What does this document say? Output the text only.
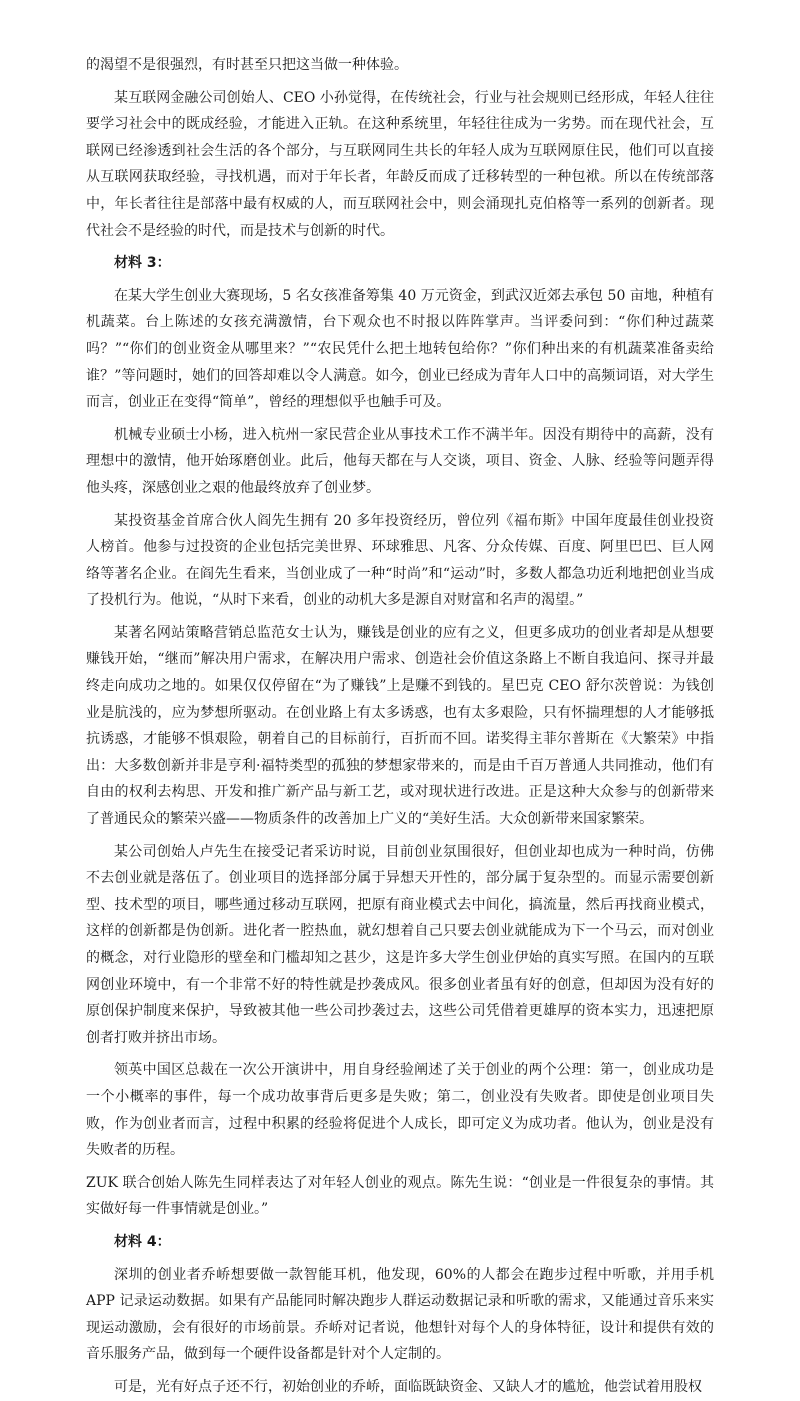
的渴望不是很强烈，有时甚至只把这当做一种体验。

某互联网金融公司创始人、CEO 小孙觉得，在传统社会，行业与社会规则已经形成，年轻人往往要学习社会中的既成经验，才能进入正轨。在这种系统里，年轻往往成为一劣势。而在现代社会，互联网已经渗透到社会生活的各个部分，与互联网同生共长的年轻人成为互联网原住民，他们可以直接从互联网获取经验，寻找机遇，而对于年长者，年龄反而成了迁移转型的一种包袱。所以在传统部落中，年长者往往是部落中最有权威的人，而互联网社会中，则会涌现扎克伯格等一系列的创新者。现代社会不是经验的时代，而是技术与创新的时代。

材料 3：

在某大学生创业大赛现场，5 名女孩准备筹集 40 万元资金，到武汉近郊去承包 50 亩地，种植有机蔬菜。台上陈述的女孩充满激情，台下观众也不时报以阵阵掌声。当评委问到：“你们种过蔬菜吗？”“你们的创业资金从哪里来？”“农民凭什么把土地转包给你？”你们种出来的有机蔬菜准备卖给谁？”等问题时，她们的回答却难以令人满意。如今，创业已经成为青年人口中的高频词语，对大学生而言，创业正在变得“简单”，曾经的理想似乎也触手可及。

机械专业硕士小杨，进入杭州一家民营企业从事技术工作不满半年。因没有期待中的高薪，没有理想中的激情，他开始琢磨创业。此后，他每天都在与人交谈，项目、资金、人脉、经验等问题弄得他头疼，深感创业之艰的他最终放弃了创业梦。

某投资基金首席合伙人阎先生拥有 20 多年投资经历，曾位列《福布斯》中国年度最佳创业投资人榜首。他参与过投资的企业包括完美世界、环球雅思、凡客、分众传媒、百度、阿里巴巴、巨人网络等著名企业。在阎先生看来，当创业成了一种“时尚”和“运动”时，多数人都急功近利地把创业当成了投机行为。他说，“从时下来看，创业的动机大多是源自对财富和名声的渴望。”

某著名网站策略营销总监范女士认为，赚钱是创业的应有之义，但更多成功的创业者却是从想要赚钱开始，“继而”解决用户需求，在解决用户需求、创造社会价值这条路上不断自我追问、探寻并最终走向成功之地的。如果仅仅停留在“为了赚钱”上是赚不到钱的。星巴克 CEO 舒尔茨曾说：为钱创业是肮浅的，应为梦想所驱动。在创业路上有太多诱惑，也有太多艰险，只有怀揣理想的人才能够抵抗诱惑，才能够不惧艰险，朝着自己的目标前行，百折而不回。诺奖得主菲尔普斯在《大繁荣》中指出：大多数创新并非是亨利·福特类型的孤独的梦想家带来的，而是由千百万普通人共同推动，他们有自由的权利去构思、开发和推广新产品与新工艺，或对现状进行改进。正是这种大众参与的创新带来了普通民众的繁荣兴盛——物质条件的改善加上广义的“美好生活。大众创新带来国家繁荣。

某公司创始人卢先生在接受记者采访时说，目前创业氛围很好，但创业却也成为一种时尚，仿佛不去创业就是落伍了。创业项目的选择部分属于异想天开性的，部分属于复杂型的。而显示需要创新型、技术型的项目，哪些通过移动互联网，把原有商业模式去中间化，搞流量，然后再找商业模式，这样的创新都是伪创新。进化者一腔热血，就幻想着自己只要去创业就能成为下一个马云，而对创业的概念，对行业隐形的壁垒和门槛却知之甚少，这是许多大学生创业伊始的真实写照。在国内的互联网创业环境中，有一个非常不好的特性就是抄袭成风。很多创业者虽有好的创意，但却因为没有好的原创保护制度来保护，导致被其他一些公司抄袭过去，这些公司凭借着更雄厚的资本实力，迅速把原创者打败并挤出市场。

领英中国区总裁在一次公开演讲中，用自身经验阐述了关于创业的两个公理：第一，创业成功是一个小概率的事件，每一个成功故事背后更多是失败；第二，创业没有失败者。即使是创业项目失败，作为创业者而言，过程中积累的经验将促进个人成长，即可定义为成功者。他认为，创业是没有失败者的历程。

ZUK 联合创始人陈先生同样表达了对年轻人创业的观点。陈先生说：“创业是一件很复杂的事情。其实做好每一件事情就是创业。”

材料 4：

深圳的创业者乔峤想要做一款智能耳机，他发现，60%的人都会在跑步过程中听歌，并用手机 APP 记录运动数据。如果有产品能同时解决跑步人群运动数据记录和听歌的需求，又能通过音乐来实现运动激励，会有很好的市场前景。乔峤对记者说，他想针对每个人的身体特征，设计和提供有效的音乐服务产品，做到每一个硬件设备都是针对个人定制的。

可是，光有好点子还不行，初始创业的乔峤，面临既缺资金、又缺人才的尴尬，他尝试着用股权
